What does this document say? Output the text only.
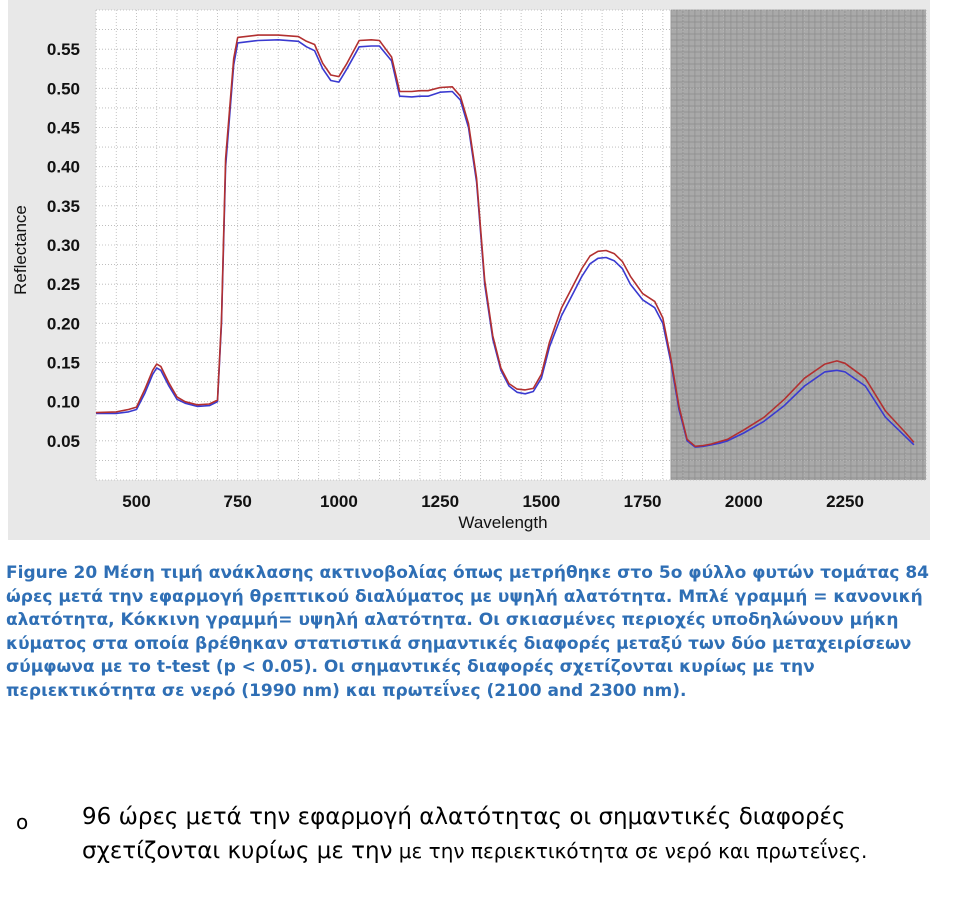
500	750	1000	1250	1500	1750	2000	2250
0.05
0.10
0.15
0.20
0.25
0.30
0.35
0.40
0.45
0.50
0.55
Wavelength
Reflectance

Figure 20 Μέση τιμή ανάκλασης ακτινοβολίας όπως μετρήθηκε στο 5ο φύλλο φυτών τομάτας 84 ώρες μετά την εφαρμογή θρεπτικού διαλύματος με υψηλή αλατότητα. Μπλέ γραμμή = κανονική αλατότητα, Κόκκινη γραμμή= υψηλή αλατότητα. Οι σκιασμένες περιοχές υποδηλώνουν μήκη κύματος στα οποία βρέθηκαν στατιστικά σημαντικές διαφορές μεταξύ των δύο μεταχειρίσεων σύμφωνα με το t-test (p < 0.05). Οι σημαντικές διαφορές σχετίζονται κυρίως με την περιεκτικότητα σε νερό (1990 nm) και πρωτεΐνες (2100 and 2300 nm).

o 96 ώρες μετά την εφαρμογή αλατότητας οι σημαντικές διαφορές σχετίζονται κυρίως με την με την περιεκτικότητα σε νερό και πρωτεΐνες.
